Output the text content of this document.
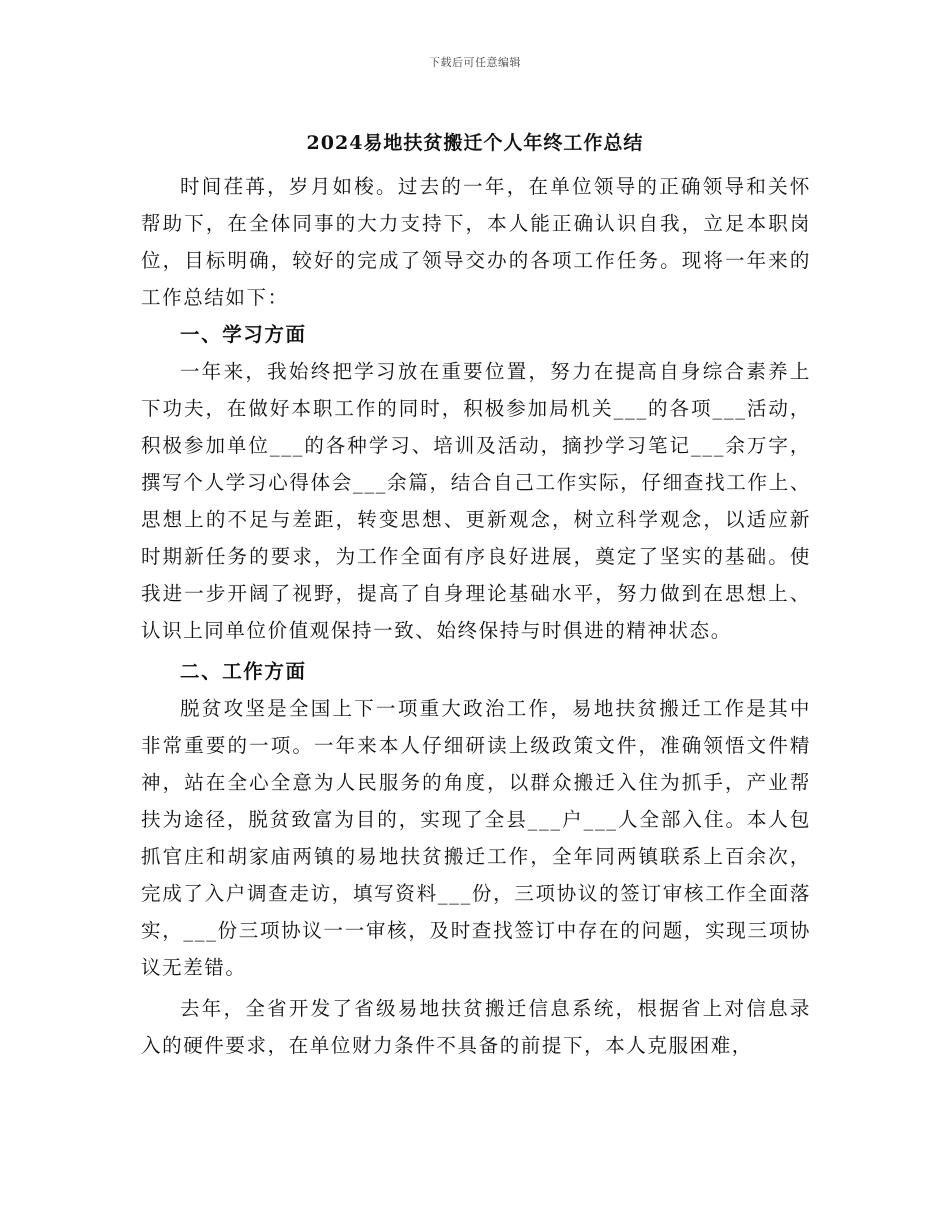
下载后可任意编辑
2024易地扶贫搬迁个人年终工作总结

时间荏苒，岁月如梭。过去的一年，在单位领导的正确领导和关怀帮助下，在全体同事的大力支持下，本人能正确认识自我，立足本职岗位，目标明确，较好的完成了领导交办的各项工作任务。现将一年来的工作总结如下：

一、学习方面

一年来，我始终把学习放在重要位置，努力在提高自身综合素养上下功夫，在做好本职工作的同时，积极参加局机关___的各项___活动，积极参加单位___的各种学习、培训及活动，摘抄学习笔记___余万字，撰写个人学习心得体会___余篇，结合自己工作实际，仔细查找工作上、思想上的不足与差距，转变思想、更新观念，树立科学观念，以适应新时期新任务的要求，为工作全面有序良好进展，奠定了坚实的基础。使我进一步开阔了视野，提高了自身理论基础水平，努力做到在思想上、认识上同单位价值观保持一致、始终保持与时俱进的精神状态。

二、工作方面

脱贫攻坚是全国上下一项重大政治工作，易地扶贫搬迁工作是其中非常重要的一项。一年来本人仔细研读上级政策文件，准确领悟文件精神，站在全心全意为人民服务的角度，以群众搬迁入住为抓手，产业帮扶为途径，脱贫致富为目的，实现了全县___户___人全部入住。本人包抓官庄和胡家庙两镇的易地扶贫搬迁工作，全年同两镇联系上百余次，完成了入户调查走访，填写资料___份，三项协议的签订审核工作全面落实，___份三项协议一一审核，及时查找签订中存在的问题，实现三项协议无差错。

去年，全省开发了省级易地扶贫搬迁信息系统，根据省上对信息录入的硬件要求，在单位财力条件不具备的前提下，本人克服困难，
